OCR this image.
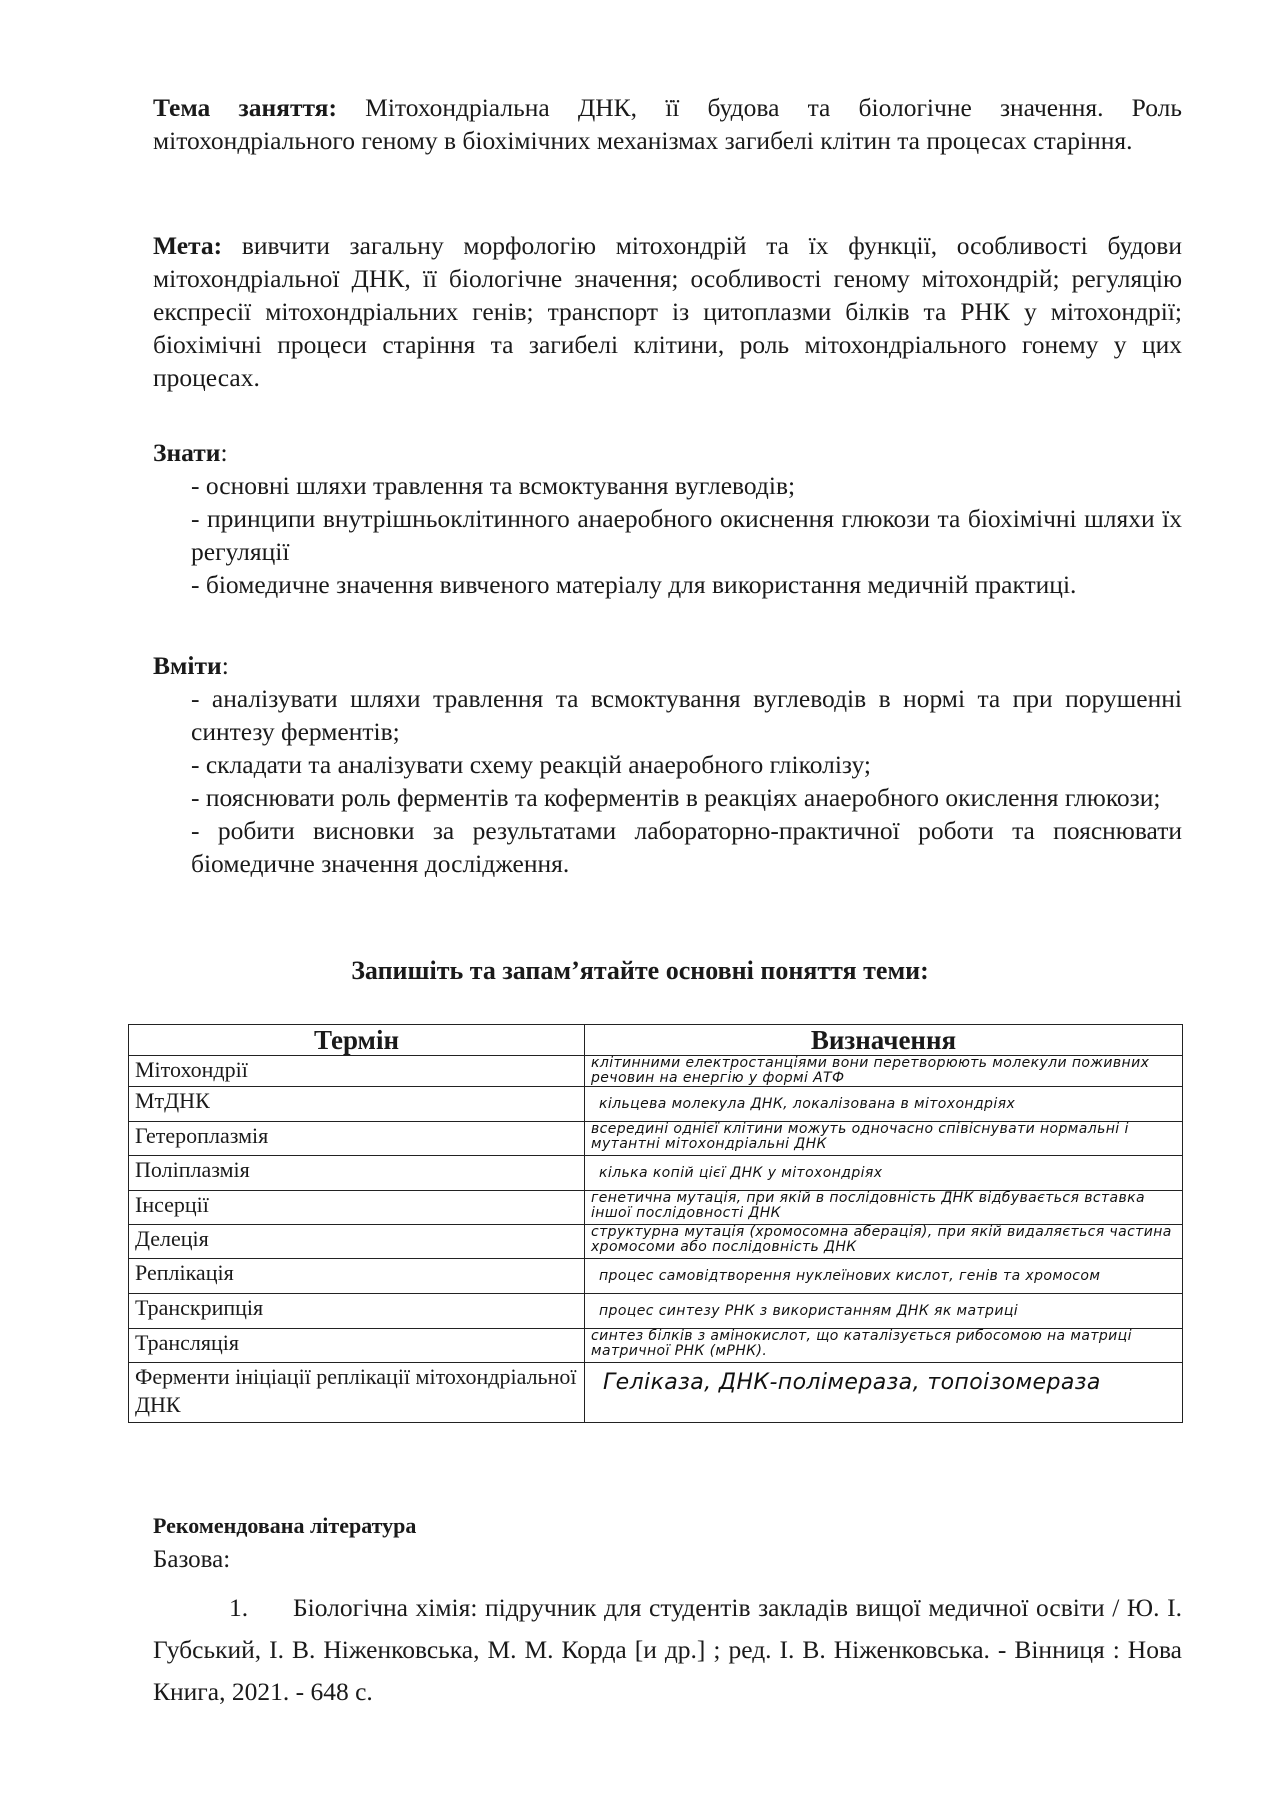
Тема заняття: Мітохондріальна ДНК, її будова та біологічне значення. Роль мітохондріального геному в біохімічних механізмах загибелі клітин та процесах старіння.
Мета: вивчити загальну морфологію мітохондрій та їх функції, особливості будови мітохондріальної ДНК, її біологічне значення; особливості геному мітохондрій; регуляцію експресії мітохондріальних генів; транспорт із цитоплазми білків та РНК у мітохондрії; біохімічні процеси старіння та загибелі клітини, роль мітохондріального гонему у цих процесах.
Знати:
- основні шляхи травлення та всмоктування вуглеводів;
- принципи внутрішньоклітинного анаеробного окиснення глюкози та біохімічні шляхи їх регуляції
- біомедичне значення вивченого матеріалу для використання медичній практиці.
Вміти:
- аналізувати шляхи травлення та всмоктування вуглеводів в нормі та при порушенні синтезу ферментів;
- складати та аналізувати схему реакцій анаеробного гліколізу;
- пояснювати роль ферментів та коферментів в реакціях анаеробного окислення глюкози;
- робити висновки за результатами лабораторно-практичної роботи та пояснювати біомедичне значення дослідження.
Запишіть та запам’ятайте основні поняття теми:
Термін	Визначення
Мітохондрії	клітинними електростанціями вони перетворюють молекули поживних речовин на енергію у формі АТФ
МтДНК	кільцева молекула ДНК, локалізована в мітохондріях
Гетероплазмія	всередині однієї клітини можуть одночасно співіснувати нормальні і мутантні мітохондріальні ДНК
Поліплазмія	кілька копій цієї ДНК у мітохондріях
Інсерції	генетична мутація, при якій в послідовність ДНК відбувається вставка іншої послідовності ДНК
Делеція	структурна мутація (хромосомна аберація), при якій видаляється частина хромосоми або послідовність ДНК
Реплікація	процес самовідтворення нуклеїнових кислот, генів та хромосом
Транскрипція	процес синтезу РНК з використанням ДНК як матриці
Трансляція	синтез білків з амінокислот, що каталізується рибосомою на матриці матричної РНК (мРНК).
Ферменти ініціації реплікації мітохондріальної ДНК	Геліказа, ДНК-полімераза, топоізомераза
Рекомендована література
Базова:
1. Біологічна хімія: підручник для студентів закладів вищої медичної освіти / Ю. І. Губський, І. В. Ніженковська, М. М. Корда [и др.] ; ред. І. В. Ніженковська. - Вінниця : Нова Книга, 2021. - 648 с.
